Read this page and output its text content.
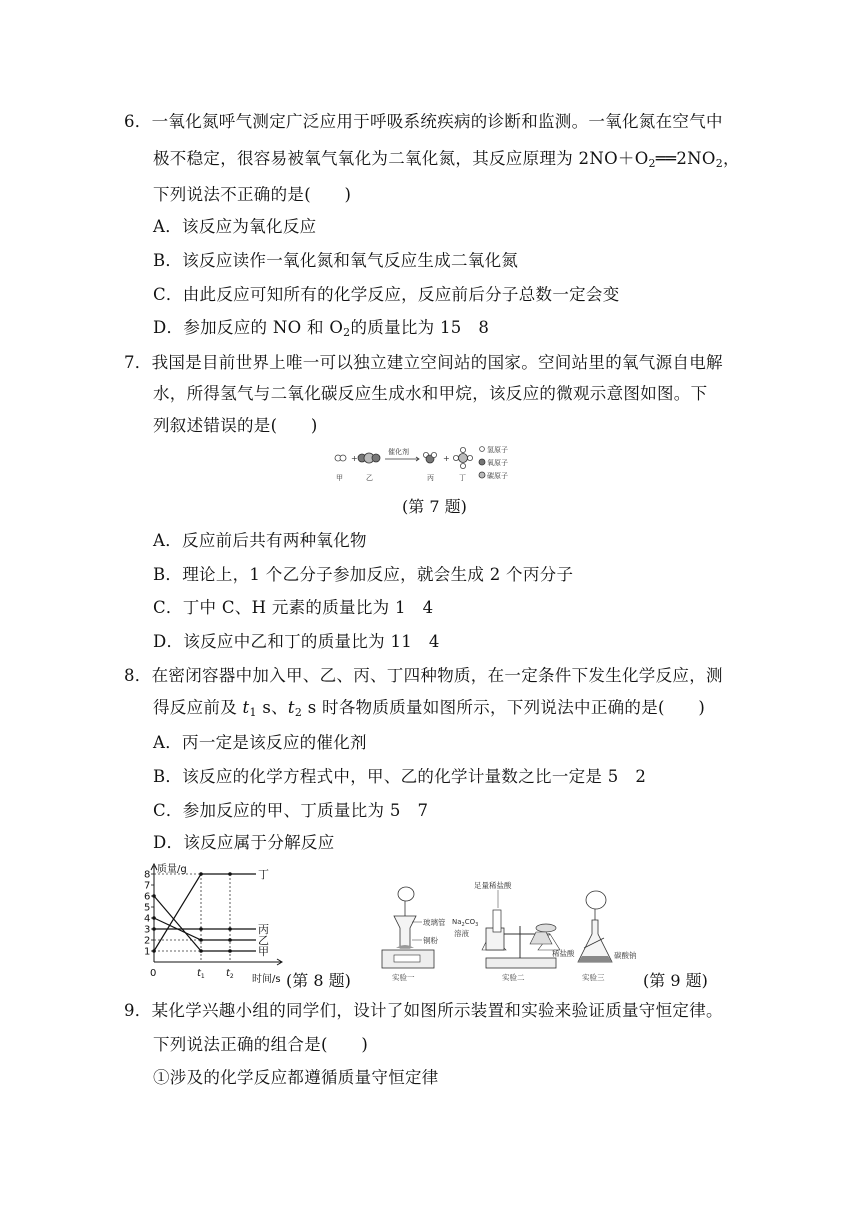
6．一氧化氮呼气测定广泛应用于呼吸系统疾病的诊断和监测。一氧化氮在空气中
极不稳定，很容易被氧气氧化为二氧化氮，其反应原理为 $2NO+O_2══2NO_2$，
下列说法不正确的是(　　)
A．该反应为氧化反应
B．该反应读作一氧化氮和氧气反应生成二氧化氮
C．由此反应可知所有的化学反应，反应前后分子总数一定会变
D．参加反应的 NO 和 $O_2$的质量比为 15　8
7．我国是目前世界上唯一可以独立建立空间站的国家。空间站里的氧气源自电解
水，所得氢气与二氧化碳反应生成水和甲烷，该反应的微观示意图如图。下
列叙述错误的是(　　)
+
催化剂
+
氢原子
氧原子
碳原子
甲	乙	丙	丁
(第 7 题)
A．反应前后共有两种氧化物
B．理论上，1 个乙分子参加反应，就会生成 2 个丙分子
C．丁中 C、H 元素的质量比为 1　4
D．该反应中乙和丁的质量比为 11　4
8．在密闭容器中加入甲、乙、丙、丁四种物质，在一定条件下发生化学反应，测
得反应前及 $t_1$ s、$t_2$ s 时各物质质量如图所示，下列说法中正确的是(　　)
A．丙一定是该反应的催化剂
B．该反应的化学方程式中，甲、乙的化学计量数之比一定是 5　2
C．参加反应的甲、丁质量比为 5　7
D．该反应属于分解反应
质量/g
时间/s
1
2
3
4
5
6
7
8
0	$t_1$ $t_2$
丁
丙
乙
甲
(第 8 题)
玻璃管
铜粉
实验一
足量稀盐酸
$Na_2CO_3$
溶液
实验二
稀盐酸	碳酸钠
实验三 (第 9 题)
9．某化学兴趣小组的同学们，设计了如图所示装置和实验来验证质量守恒定律。
下列说法正确的组合是(　　)
①涉及的化学反应都遵循质量守恒定律
